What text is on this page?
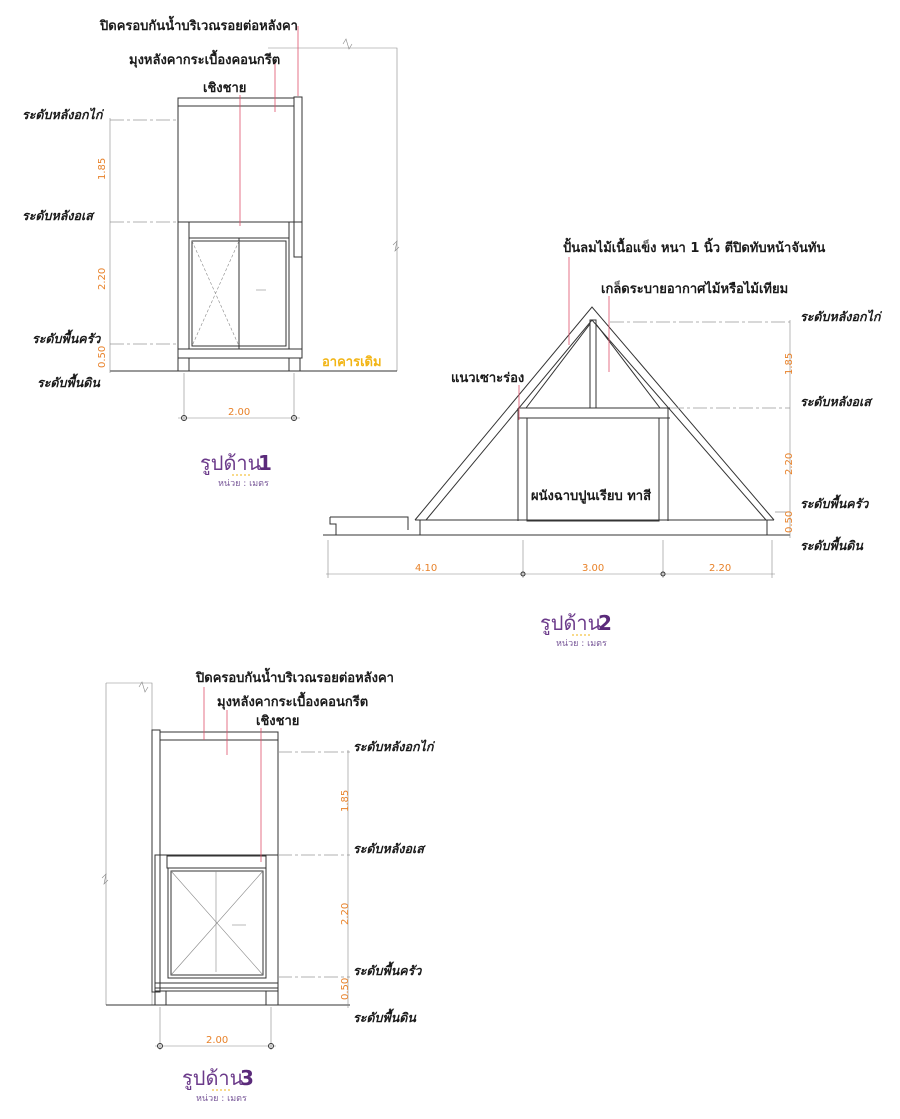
ปิดครอบกันน้ำบริเวณรอยต่อหลังคา
มุงหลังคากระเบื้องคอนกรีต
เชิงชาย
อาคารเดิม
ระดับหลังอกไก่
ระดับหลังอเส
ระดับพื้นครัว
ระดับพื้นดิน
1.85
2.20
0.50
2.00
รูปด้าน
1
หน่วย : เมตร
ปั้นลมไม้เนื้อแข็ง หนา 1 นิ้ว ตีปิดทับหน้าจันทัน
เกล็ดระบายอากาศไม้หรือไม้เทียม
แนวเซาะร่อง
ผนังฉาบปูนเรียบ ทาสี
ระดับหลังอกไก่
ระดับหลังอเส
ระดับพื้นครัว
ระดับพื้นดิน
1.85
2.20
0.50
4.10	3.00	2.20
รูปด้าน
2
หน่วย : เมตร
ปิดครอบกันน้ำบริเวณรอยต่อหลังคา
มุงหลังคากระเบื้องคอนกรีต
เชิงชาย
ระดับหลังอกไก่
ระดับหลังอเส
ระดับพื้นครัว
ระดับพื้นดิน
1.85
2.20
0.50
2.00
รูปด้าน
3
หน่วย : เมตร
